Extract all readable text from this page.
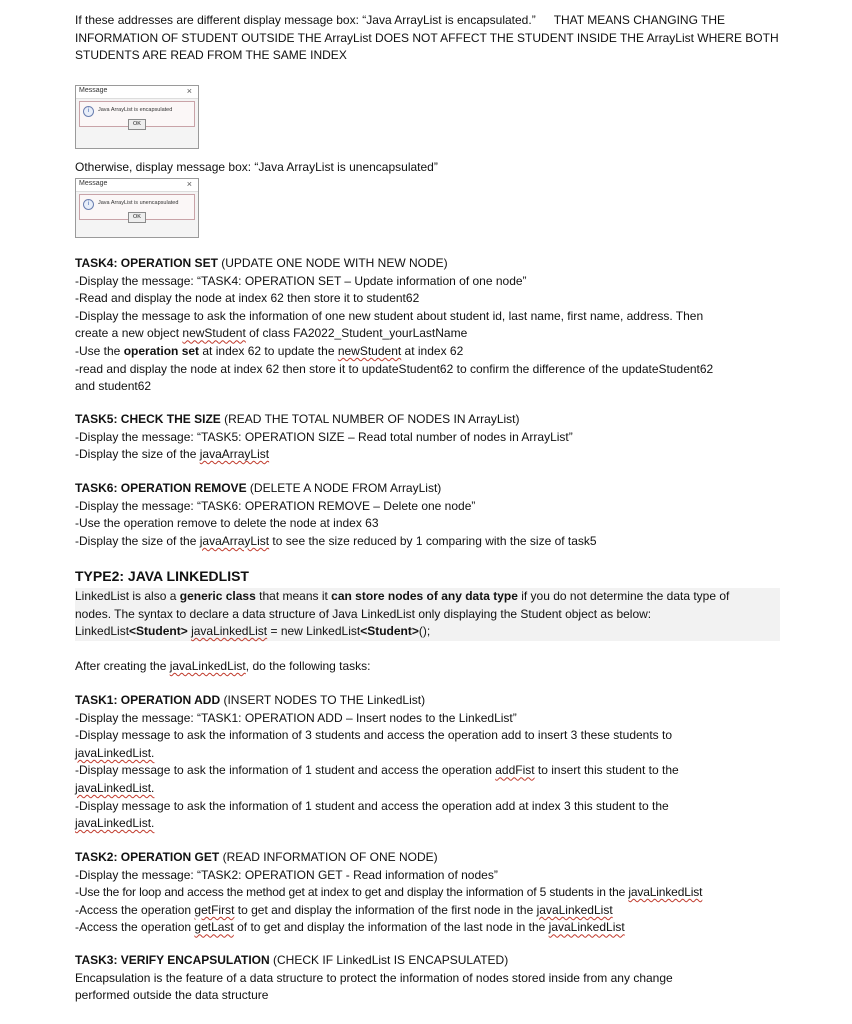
If these addresses are different display message box: “Java ArrayList is encapsulated.” THAT MEANS CHANGING THE
INFORMATION OF STUDENT OUTSIDE THE ArrayList DOES NOT AFFECT THE STUDENT INSIDE THE ArrayList WHERE BOTH
STUDENTS ARE READ FROM THE SAME INDEX
Message	×
i	Java ArrayList is encapsulated
OK
Otherwise, display message box: “Java ArrayList is unencapsulated”
Message	×
i	Java ArrayList is unencapsulated
OK
TASK4: OPERATION SET (UPDATE ONE NODE WITH NEW NODE)
-Display the message: “TASK4: OPERATION SET – Update information of one node”
-Read and display the node at index 62 then store it to student62
-Display the message to ask the information of one new student about student id, last name, first name, address. Then
create a new object newStudent of class FA2022_Student_yourLastName
-Use the operation set at index 62 to update the newStudent at index 62
-read and display the node at index 62 then store it to updateStudent62 to confirm the difference of the updateStudent62
and student62
TASK5: CHECK THE SIZE (READ THE TOTAL NUMBER OF NODES IN ArrayList)
-Display the message: “TASK5: OPERATION SIZE – Read total number of nodes in ArrayList”
-Display the size of the javaArrayList
TASK6: OPERATION REMOVE (DELETE A NODE FROM ArrayList)
-Display the message: “TASK6: OPERATION REMOVE – Delete one node”
-Use the operation remove to delete the node at index 63
-Display the size of the javaArrayList to see the size reduced by 1 comparing with the size of task5
TYPE2: JAVA LINKEDLIST
LinkedList is also a generic class that means it can store nodes of any data type if you do not determine the data type of
nodes. The syntax to declare a data structure of Java LinkedList only displaying the Student object as below:
LinkedList<Student> javaLinkedList = new LinkedList<Student>();
After creating the javaLinkedList, do the following tasks:
TASK1: OPERATION ADD (INSERT NODES TO THE LinkedList)
-Display the message: “TASK1: OPERATION ADD – Insert nodes to the LinkedList”
-Display message to ask the information of 3 students and access the operation add to insert 3 these students to
javaLinkedList.
-Display message to ask the information of 1 student and access the operation addFist to insert this student to the
javaLinkedList.
-Display message to ask the information of 1 student and access the operation add at index 3 this student to the
javaLinkedList.
TASK2: OPERATION GET (READ INFORMATION OF ONE NODE)
-Display the message: “TASK2: OPERATION GET - Read information of nodes”
-Use the for loop and access the method get at index to get and display the information of 5 students in the javaLinkedList
-Access the operation getFirst to get and display the information of the first node in the javaLinkedList
-Access the operation getLast of to get and display the information of the last node in the javaLinkedList
TASK3: VERIFY ENCAPSULATION (CHECK IF LinkedList IS ENCAPSULATED)
Encapsulation is the feature of a data structure to protect the information of nodes stored inside from any change
performed outside the data structure
